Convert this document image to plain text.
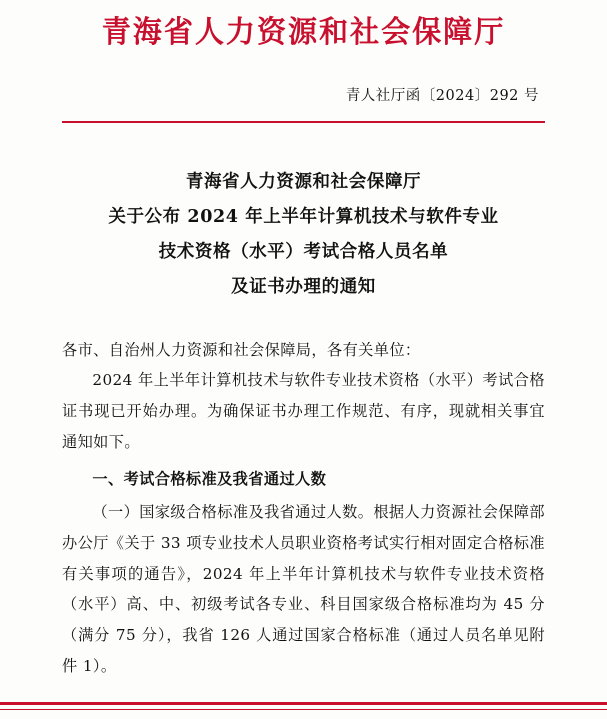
青海省人力资源和社会保障厅
青人社厅函〔2024〕292 号
青海省人力资源和社会保障厅
关于公布 2024 年上半年计算机技术与软件专业
技术资格（水平）考试合格人员名单
及证书办理的通知

各市、自治州人力资源和社会保障局，各有关单位：

2024 年上半年计算机技术与软件专业技术资格（水平）考试合格证书现已开始办理。为确保证书办理工作规范、有序，现就相关事宜通知如下。

一、考试合格标准及我省通过人数

（一）国家级合格标准及我省通过人数。根据人力资源社会保障部办公厅《关于 33 项专业技术人员职业资格考试实行相对固定合格标准有关事项的通告》，2024 年上半年计算机技术与软件专业技术资格（水平）高、中、初级考试各专业、科目国家级合格标准均为 45 分（满分 75 分），我省 126 人通过国家合格标准（通过人员名单见附件 1）。
